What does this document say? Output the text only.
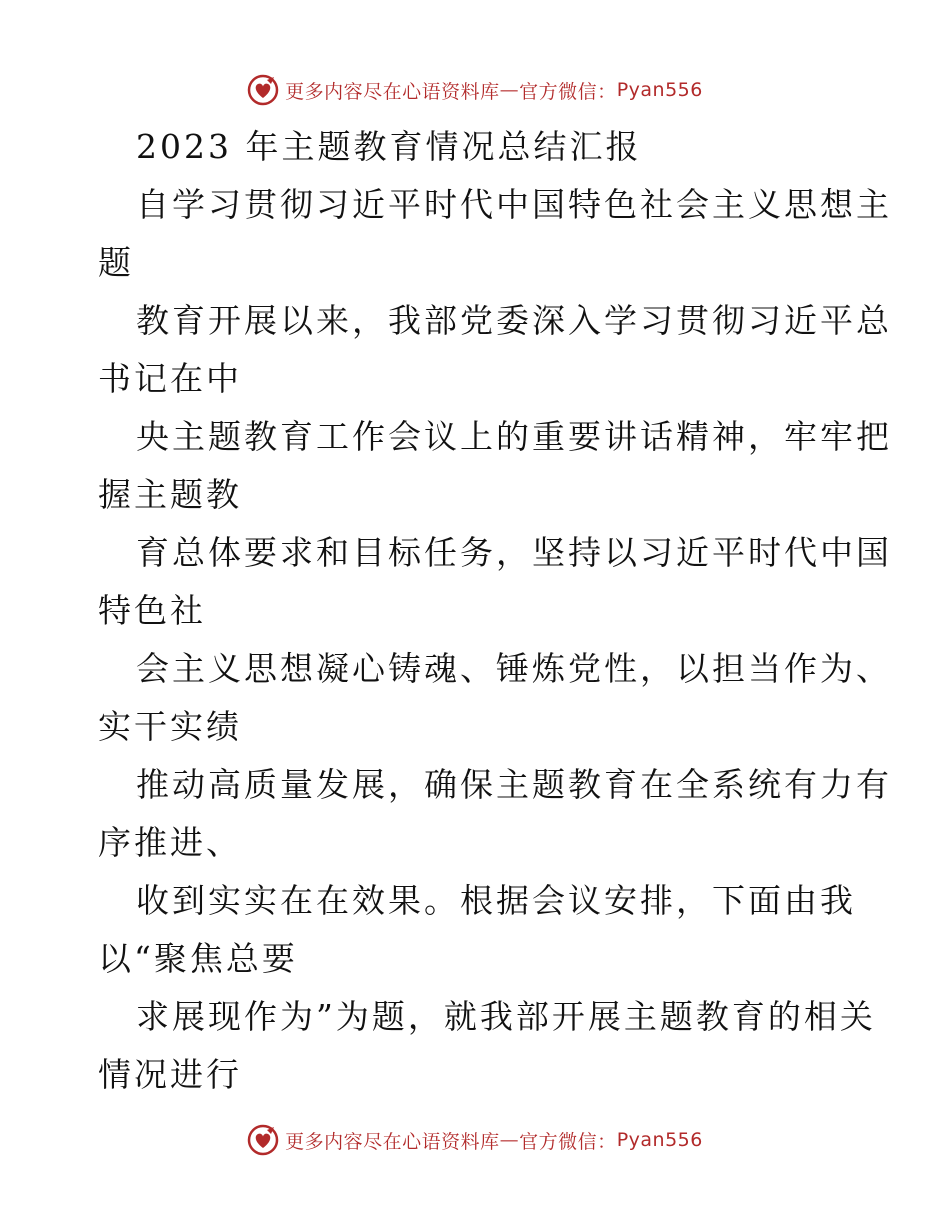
更多内容尽在心语资料库 — 官方微信： Pyan556
2023 年主题教育情况总结汇报
自学习贯彻习近平时代中国特色社会主义思想主
题
教育开展以来，我部党委深入学习贯彻习近平总
书记在中
央主题教育工作会议上的重要讲话精神，牢牢把
握主题教
育总体要求和目标任务，坚持以习近平时代中国
特色社
会主义思想凝心铸魂、锤炼党性，以担当作为、
实干实绩
推动高质量发展，确保主题教育在全系统有力有
序推进、
收到实实在在效果。根据会议安排，下面由我
以“聚焦总要
求展现作为”为题，就我部开展主题教育的相关
情况进行
更多内容尽在心语资料库 — 官方微信： Pyan556
